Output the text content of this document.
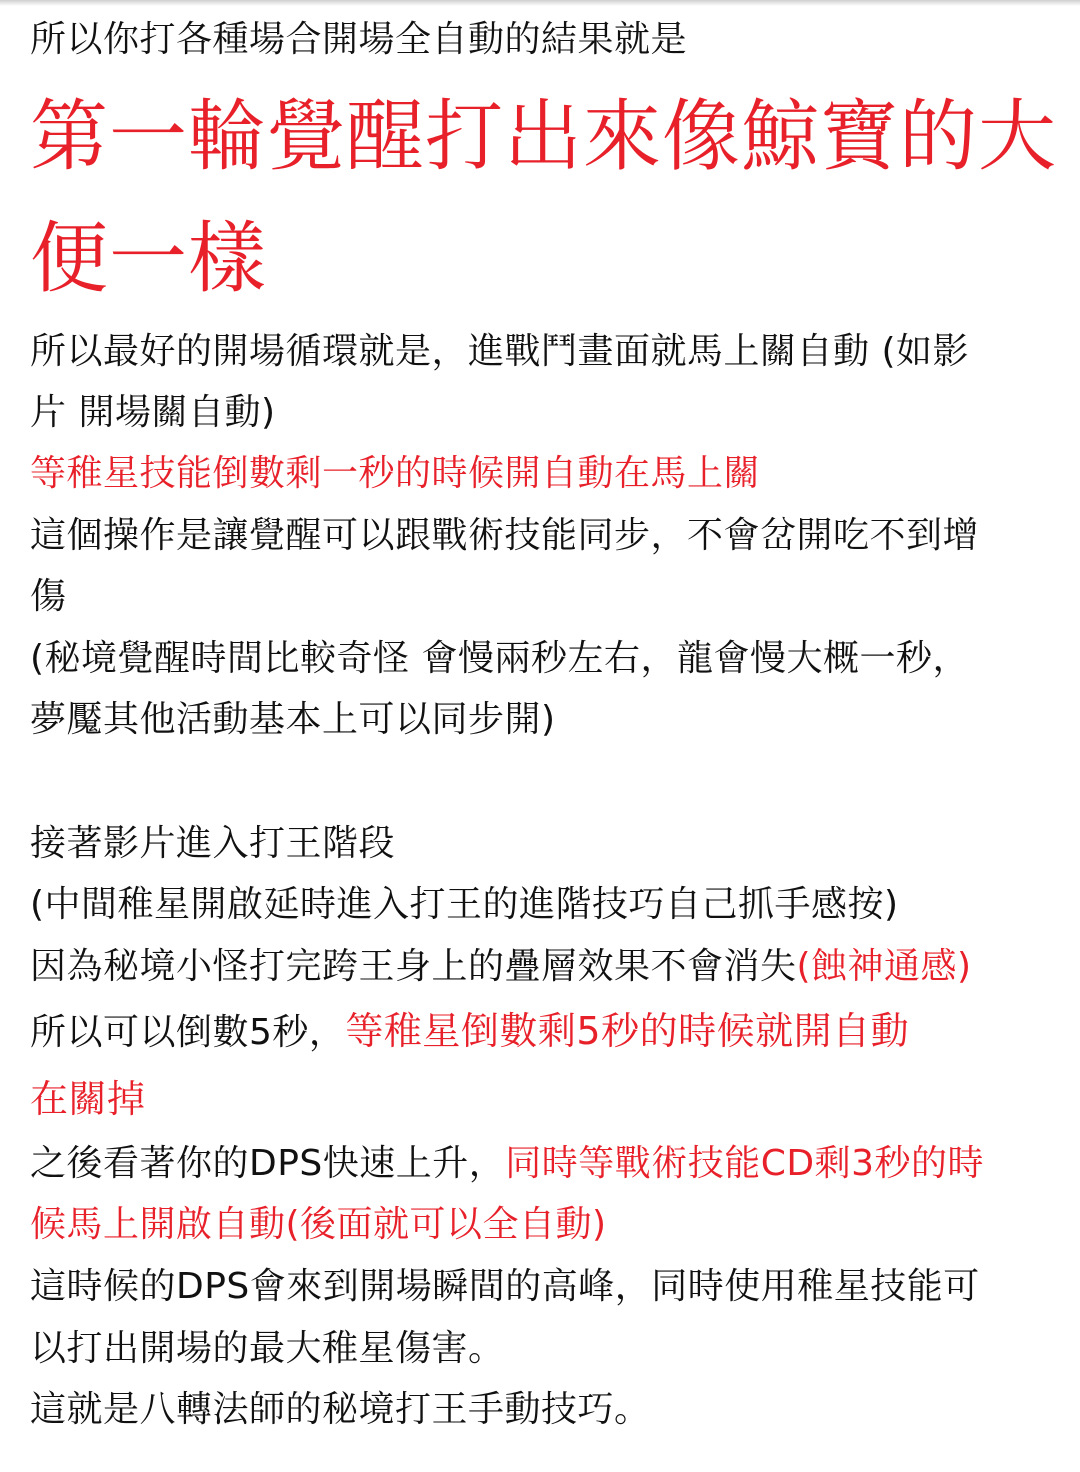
所以你打各種場合開場全自動的結果就是
第一輪覺醒打出來像鯨寶的大
便一樣
所以最好的開場循環就是，進戰鬥畫面就馬上關自動 (如影
片 開場關自動)
等稚星技能倒數剩一秒的時候開自動在馬上關
這個操作是讓覺醒可以跟戰術技能同步，不會岔開吃不到增
傷
(秘境覺醒時間比較奇怪 會慢兩秒左右，龍會慢大概一秒，
夢魘其他活動基本上可以同步開)
接著影片進入打王階段
(中間稚星開啟延時進入打王的進階技巧自己抓手感按)
因為秘境小怪打完跨王身上的疊層效果不會消失(蝕神通感)
所以可以倒數5秒，等稚星倒數剩5秒的時候就開自動
在關掉
之後看著你的DPS快速上升，同時等戰術技能CD剩3秒的時
候馬上開啟自動(後面就可以全自動)
這時候的DPS會來到開場瞬間的高峰，同時使用稚星技能可
以打出開場的最大稚星傷害。
這就是八轉法師的秘境打王手動技巧。
